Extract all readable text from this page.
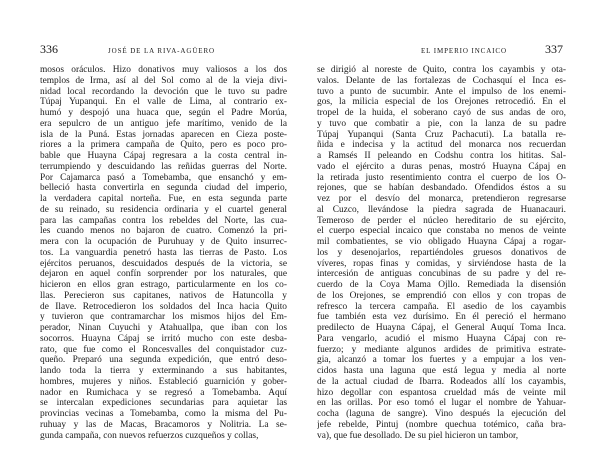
336	JOSÉ DE LA RIVA-AGÜERO
mosos oráculos. Hizo donativos muy valiosos a los dos
templos de Irma, así al del Sol como al de la vieja divi-
nidad local recordando la devoción que le tuvo su padre
Túpaj Yupanqui. En el valle de Lima, al contrario ex-
humó y despojó una huaca que, según el Padre Morúa,
era sepulcro de un antiguo jefe marítimo, venido de la
isla de la Puná. Estas jornadas aparecen en Cieza poste-
riores a la primera campaña de Quito, pero es poco pro-
bable que Huayna Cápaj regresara a la costa central in-
terrumpiendo y descuidando las reñidas guerras del Norte.
Por Cajamarca pasó a Tomebamba, que ensanchó y em-
belleció hasta convertirla en segunda ciudad del imperio,
la verdadera capital norteña. Fue, en esta segunda parte
de su reinado, su residencia ordinaria y el cuartel general
para las campañas contra los rebeldes del Norte, las cua-
les cuando menos no bajaron de cuatro. Comenzó la pri-
mera con la ocupación de Puruhuay y de Quito insurrec-
tos. La vanguardia penetró hasta las tierras de Pasto. Los
ejércitos peruanos, descuidados después de la victoria, se
dejaron en aquel confín sorprender por los naturales, que
hicieron en ellos gran estrago, particularmente en los co-
llas. Perecieron sus capitanes, nativos de Hatuncolla y
de Ilave. Retrocedieron los soldados del Inca hacia Quito
y tuvieron que contramarchar los mismos hijos del Em-
perador, Ninan Cuyuchi y Atahuallpa, que iban con los
socorros. Huayna Cápaj se irritó mucho con este desba-
rato, que fue como el Roncesvalles del conquistador cuz-
queño. Preparó una segunda expedición, que entró deso-
lando toda la tierra y exterminando a sus habitantes,
hombres, mujeres y niños. Estableció guarnición y gober-
nador en Rumichaca y se regresó a Tomebamba. Aquí
se intercalan expediciones secundarias para aquietar las
provincias vecinas a Tomebamba, como la misma del Pu-
ruhuay y las de Macas, Bracamoros y Nolitria. La se-
gunda campaña, con nuevos refuerzos cuzqueños y collas,
EL IMPERIO INCAICO	337
se dirigió al noreste de Quito, contra los cayambis y ota-
valos. Delante de las fortalezas de Cochasquí el Inca es-
tuvo a punto de sucumbir. Ante el impulso de los enemi-
gos, la milicia especial de los Orejones retrocedió. En el
tropel de la huida, el soberano cayó de sus andas de oro,
y tuvo que combatir a pie, con la lanza de su padre
Túpaj Yupanqui (Santa Cruz Pachacuti). La batalla re-
ñida e indecisa y la actitud del monarca nos recuerdan
a Ramsés II peleando en Codshu contra los hititas. Sal-
vado el ejército a duras penas, mostró Huayna Cápaj en
la retirada justo resentimiento contra el cuerpo de los O-
rejones, que se habían desbandado. Ofendidos éstos a su
vez por el desvío del monarca, pretendieron regresarse
al Cuzco, llevándose la piedra sagrada de Huanacauri.
Temeroso de perder el núcleo hereditario de su ejército,
el cuerpo especial incaico que constaba no menos de veinte
mil combatientes, se vio obligado Huayna Cápaj a rogar-
los y desenojarlos, repartiéndoles gruesos donativos de
víveres, ropas finas y comidas, y sirviéndose hasta de la
intercesión de antiguas concubinas de su padre y del re-
cuerdo de la Coya Mama Ojllo. Remediada la disensión
de los Orejones, se emprendió con ellos y con tropas de
refresco la tercera campaña. El asedio de los cayambis
fue también esta vez durísimo. En él pereció el hermano
predilecto de Huayna Cápaj, el General Auquí Toma Inca.
Para vengarlo, acudió el mismo Huayna Cápaj con re-
fuerzo; y mediante algunos ardides de primitiva estrate-
gia, alcanzó a tomar los fuertes y a empujar a los ven-
cidos hasta una laguna que está legua y media al norte
de la actual ciudad de Ibarra. Rodeados allí los cayambis,
hizo degollar con espantosa crueldad más de veinte mil
en las orillas. Por eso tomó el lugar el nombre de Yahuar-
cocha (laguna de sangre). Vino después la ejecución del
jefe rebelde, Pintuj (nombre quechua totémico, caña bra-
va), que fue desollado. De su piel hicieron un tambor,
